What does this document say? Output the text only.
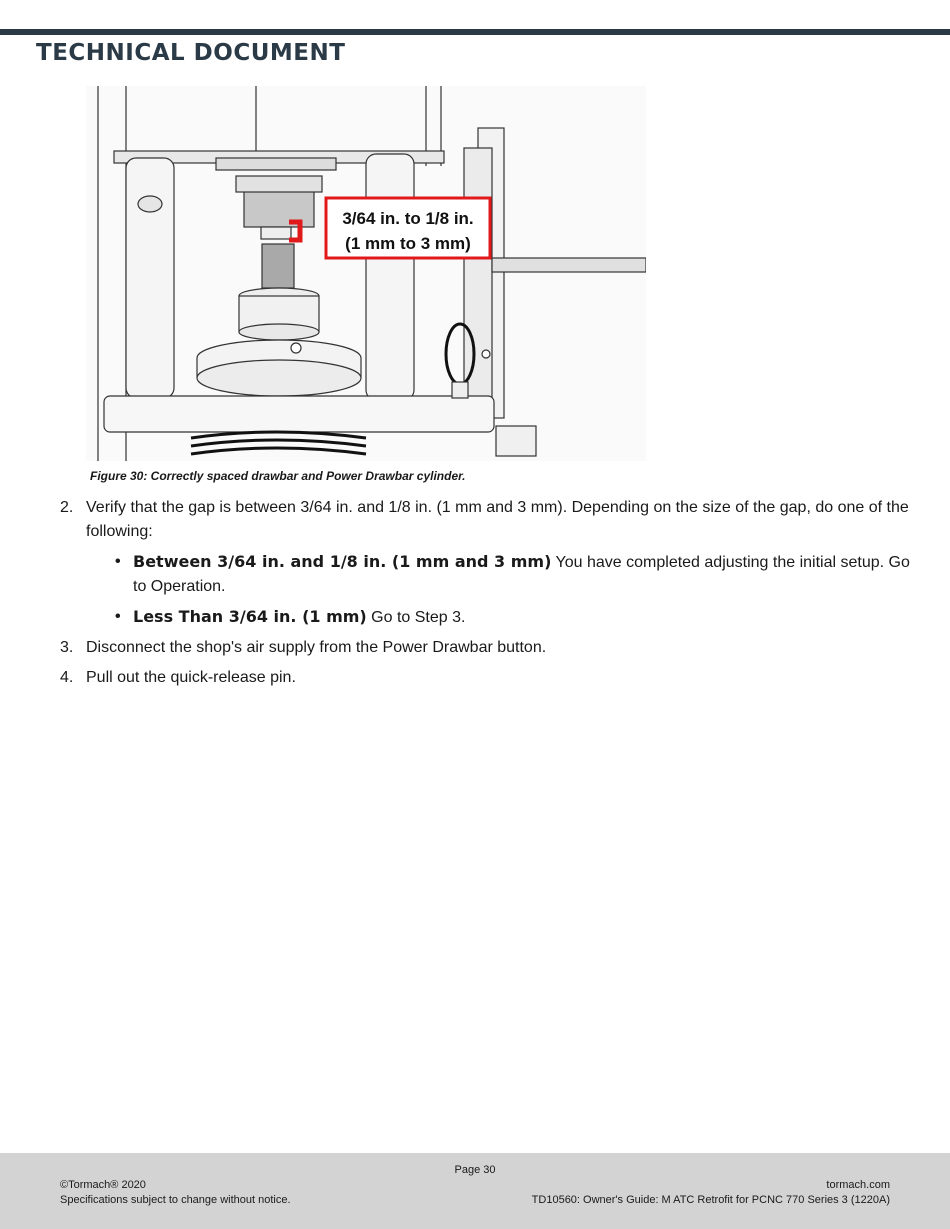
TECHNICAL DOCUMENT
3/64 in. to 1/8 in.
(1 mm to 3 mm)
Figure 30: Correctly spaced drawbar and Power Drawbar cylinder.
2. Verify that the gap is between 3/64 in. and 1/8 in. (1 mm and 3 mm). Depending on the size of the gap, do one of the following:
• Between 3/64 in. and 1/8 in. (1 mm and 3 mm) You have completed adjusting the initial setup. Go to Operation.
• Less Than 3/64 in. (1 mm) Go to Step 3.
3. Disconnect the shop's air supply from the Power Drawbar button.
4. Pull out the quick-release pin.
Page 30
©Tormach® 2020
Specifications subject to change without notice.
tormach.com
TD10560: Owner's Guide: M ATC Retrofit for PCNC 770 Series 3 (1220A)
